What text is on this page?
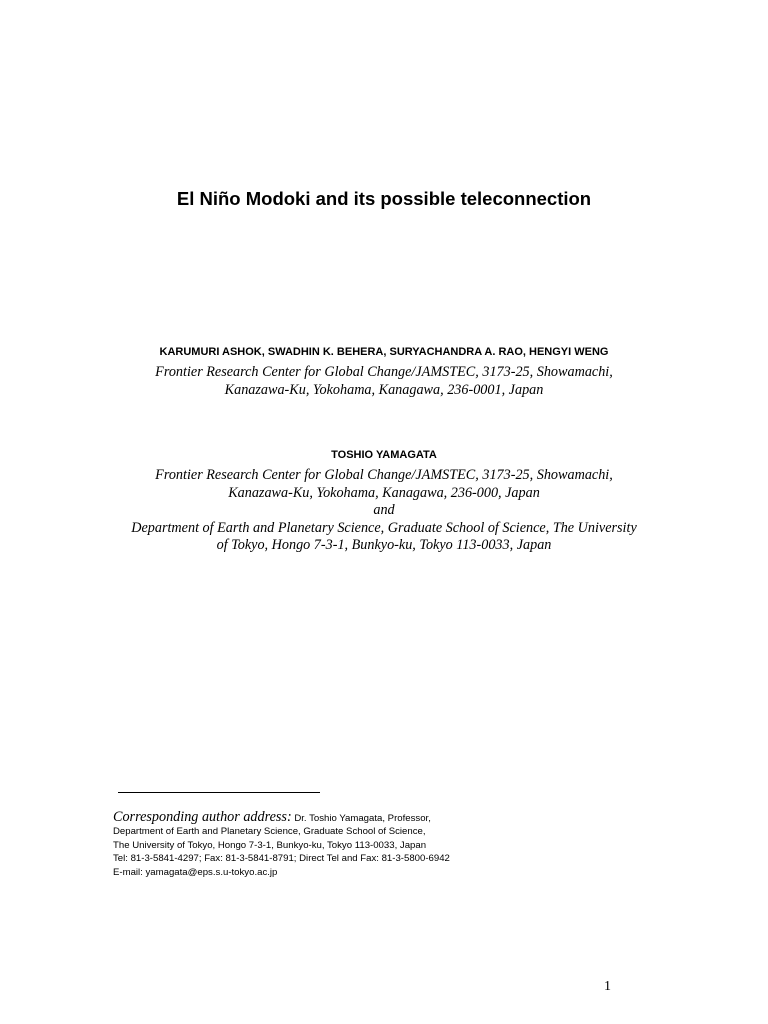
El Niño Modoki and its possible teleconnection
KARUMURI ASHOK, SWADHIN K. BEHERA, SURYACHANDRA A. RAO, HENGYI WENG
Frontier Research Center for Global Change/JAMSTEC, 3173-25, Showamachi,
Kanazawa-Ku, Yokohama, Kanagawa, 236-0001, Japan
TOSHIO YAMAGATA
Frontier Research Center for Global Change/JAMSTEC, 3173-25, Showamachi,
Kanazawa-Ku, Yokohama, Kanagawa, 236-000, Japan
and
Department of Earth and Planetary Science, Graduate School of Science, The University
of Tokyo, Hongo 7-3-1, Bunkyo-ku, Tokyo 113-0033, Japan
Corresponding author address: Dr. Toshio Yamagata, Professor,
Department of Earth and Planetary Science, Graduate School of Science,
The University of Tokyo, Hongo 7-3-1, Bunkyo-ku, Tokyo 113-0033, Japan
Tel: 81-3-5841-4297; Fax: 81-3-5841-8791; Direct Tel and Fax: 81-3-5800-6942
E-mail: yamagata@eps.s.u-tokyo.ac.jp
1
